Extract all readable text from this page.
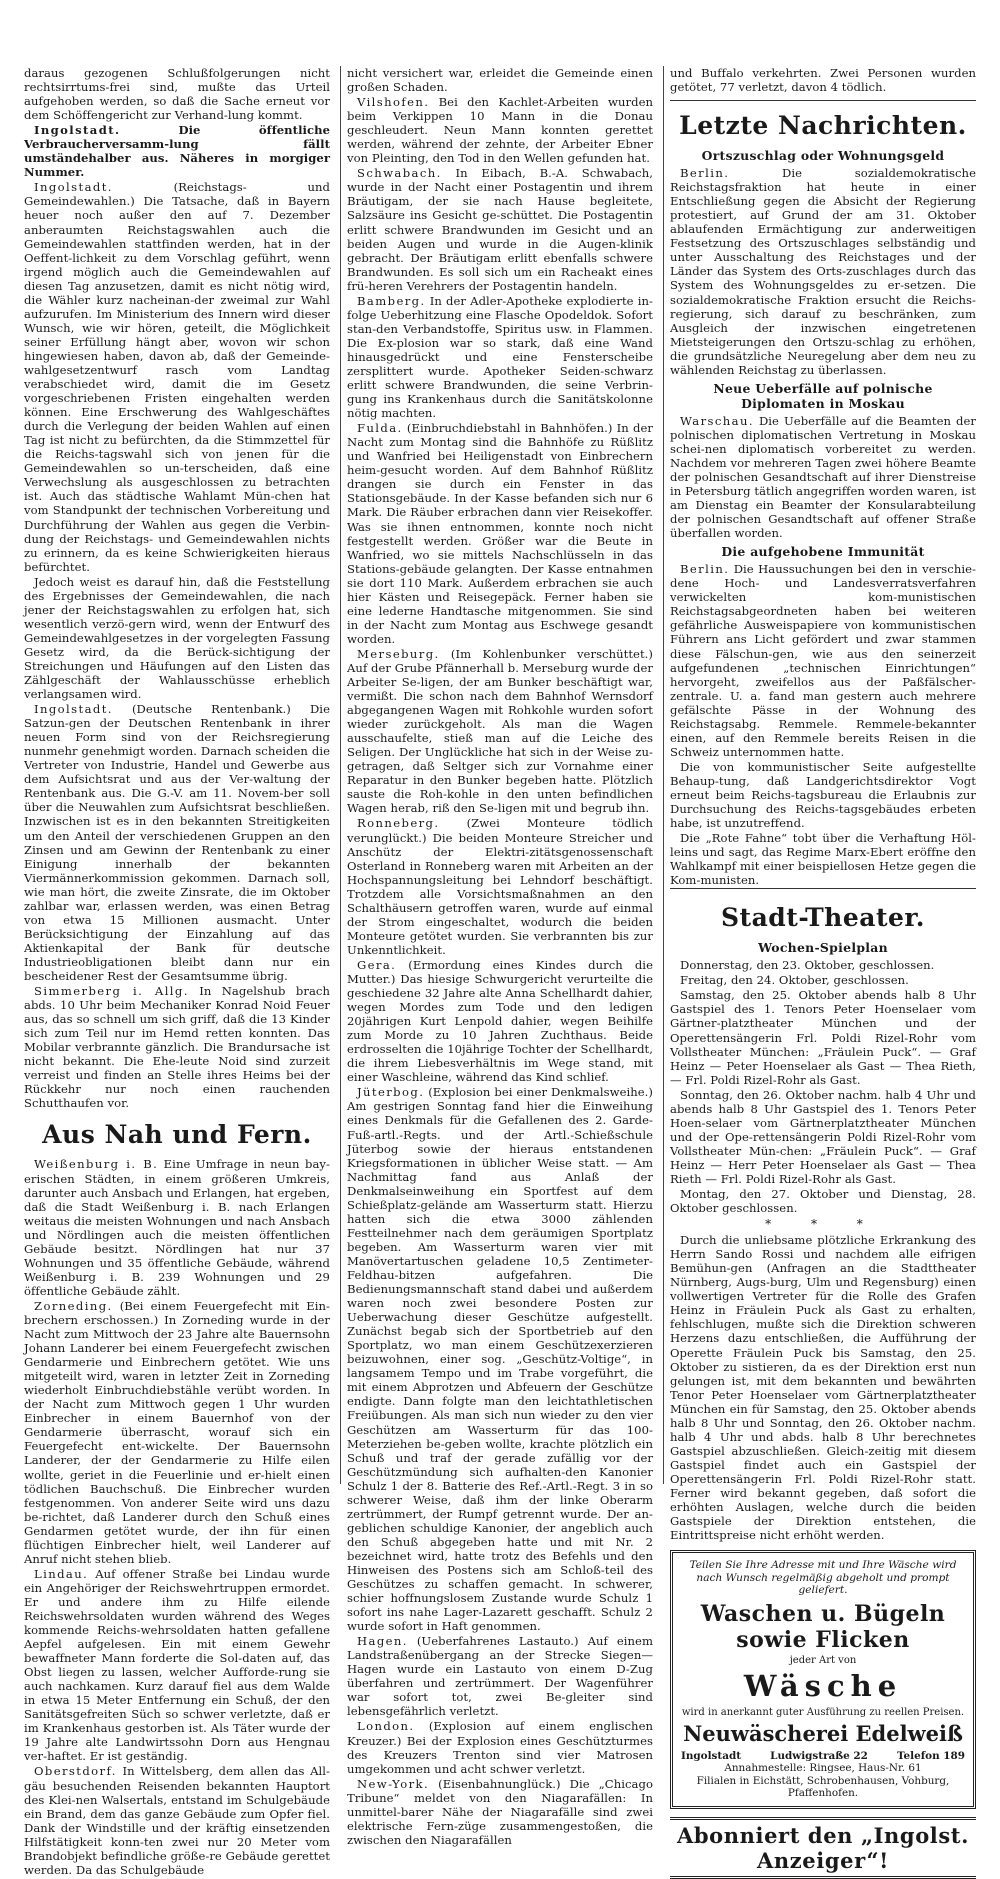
daraus gezogenen Schlußfolgerungen nicht rechtsirrtums-frei sind, mußte das Urteil aufgehoben werden, so daß die Sache erneut vor dem Schöffengericht zur Verhand-lung kommt.

Ingolstadt.	Die öffentliche Verbraucherversamm-lung fällt umständehalber aus. Näheres in morgiger Nummer.

Ingolstadt.	(Reichstags- und Gemeindewahlen.) Die Tatsache, daß in Bayern heuer noch außer den auf 7. Dezember anberaumten Reichstagswahlen auch die Gemeindewahlen stattfinden werden, hat in der Oeffent-lichkeit zu dem Vorschlag geführt, wenn irgend möglich auch die Gemeindewahlen auf diesen Tag anzusetzen, damit es nicht nötig wird, die Wähler kurz nacheinan-der zweimal zur Wahl aufzurufen. Im Ministerium des Innern wird dieser Wunsch, wie wir hören, geteilt, die Möglichkeit seiner Erfüllung hängt aber, wovon wir schon hingewiesen haben, davon ab, daß der Gemeinde-wahlgesetzentwurf rasch vom Landtag verabschiedet wird, damit die im Gesetz vorgeschriebenen Fristen eingehalten werden können. Eine Erschwerung des Wahlgeschäftes durch die Verlegung der beiden Wahlen auf einen Tag ist nicht zu befürchten, da die Stimmzettel für die Reichs-tagswahl sich von jenen für die Gemeindewahlen so un-terscheiden, daß eine Verwechslung als ausgeschlossen zu betrachten ist. Auch das städtische Wahlamt Mün-chen hat vom Standpunkt der technischen Vorbereitung und Durchführung der Wahlen aus gegen die Verbin-dung der Reichstags- und Gemeindewahlen nichts zu erinnern, da es keine Schwierigkeiten hieraus befürchtet.

Jedoch weist es darauf hin, daß die Feststellung des Ergebnisses der Gemeindewahlen, die nach jener der Reichstagswahlen zu erfolgen hat, sich wesentlich verzö-gern wird, wenn der Entwurf des Gemeindewahlgesetzes in der vorgelegten Fassung Gesetz wird, da die Berück-sichtigung der Streichungen und Häufungen auf den Listen das Zählgeschäft der Wahlausschüsse erheblich verlangsamen wird.

Ingolstadt. (Deutsche Rentenbank.) Die Satzun-gen der Deutschen Rentenbank in ihrer neuen Form sind von der Reichsregierung nunmehr genehmigt worden. Darnach scheiden die Vertreter von Industrie, Handel und Gewerbe aus dem Aufsichtsrat und aus der Ver-waltung der Rentenbank aus. Die G.-V. am 11. Novem-ber soll über die Neuwahlen zum Aufsichtsrat beschließen. Inzwischen ist es in den bekannten Streitigkeiten um den Anteil der verschiedenen Gruppen an den Zinsen und am Gewinn der Rentenbank zu einer Einigung innerhalb der bekannten Viermännerkommission gekommen. Darnach soll, wie man hört, die zweite Zinsrate, die im Oktober zahlbar war, erlassen werden, was einen Betrag von etwa 15 Millionen ausmacht. Unter Berücksichtigung der Einzahlung auf das Aktienkapital der Bank für deutsche Industrieobligationen bleibt dann nur ein bescheidener Rest der Gesamtsumme übrig.

Simmerberg i. Allg. In Nagelshub brach abds. 10 Uhr beim Mechaniker Konrad Noid Feuer aus, das so schnell um sich griff, daß die 13 Kinder sich zum Teil nur im Hemd retten konnten. Das Mobilar verbrannte gänzlich. Die Brandursache ist nicht bekannt. Die Ehe-leute Noid sind zurzeit verreist und finden an Stelle ihres Heims bei der Rückkehr nur noch einen rauchenden Schutthaufen vor.

Aus Nah und Fern.

Weißenburg i. B. Eine Umfrage in neun bay-erischen Städten, in einem größeren Umkreis, darunter auch Ansbach und Erlangen, hat ergeben, daß die Stadt Weißenburg i. B. nach Erlangen weitaus die meisten Wohnungen und nach Ansbach und Nördlingen auch die meisten öffentlichen Gebäude besitzt. Nördlingen hat nur 37 Wohnungen und 35 öffentliche Gebäude, während Weißenburg i. B. 239 Wohnungen und 29 öffentliche Gebäude zählt.

Zorneding. (Bei einem Feuergefecht mit Ein-brechern erschossen.) In Zorneding wurde in der Nacht zum Mittwoch der 23 Jahre alte Bauernsohn Johann Landerer bei einem Feuergefecht zwischen Gendarmerie und Einbrechern getötet. Wie uns mitgeteilt wird, waren in letzter Zeit in Zorneding wiederholt Einbruchdiebstähle verübt worden. In der Nacht zum Mittwoch gegen 1 Uhr wurden Einbrecher in einem Bauernhof von der Gendarmerie überrascht, worauf sich ein Feuergefecht ent-wickelte. Der Bauernsohn Landerer, der der Gendarmerie zu Hilfe eilen wollte, geriet in die Feuerlinie und er-hielt einen tödlichen Bauchschuß. Die Einbrecher wurden festgenommen. Von anderer Seite wird uns dazu be-richtet, daß Landerer durch den Schuß eines Gendarmen getötet wurde, der ihn für einen flüchtigen Einbrecher hielt, weil Landerer auf Anruf nicht stehen blieb.

Lindau. Auf offener Straße bei Lindau wurde ein Angehöriger der Reichswehrtruppen ermordet. Er und andere ihm zu Hilfe eilende Reichswehrsoldaten wurden während des Weges kommende Reichs-wehrsoldaten hatten gefallene Aepfel aufgelesen. Ein mit einem Gewehr bewaffneter Mann forderte die Sol-daten auf, das Obst liegen zu lassen, welcher Aufforde-rung sie auch nachkamen. Kurz darauf fiel aus dem Walde in etwa 15 Meter Entfernung ein Schuß, der den Sanitätsgefreiten Süch so schwer verletzte, daß er im Krankenhaus gestorben ist. Als Täter wurde der 19 Jahre alte Landwirtssohn Dorn aus Hengnau ver-haftet. Er ist geständig.

Oberstdorf. In Wittelsberg, dem allen das All-gäu besuchenden Reisenden bekannten Hauptort des Klei-nen Walsertals, entstand im Schulgebäude ein Brand, dem das ganze Gebäude zum Opfer fiel. Dank der Windstille und der kräftig einsetzenden Hilfstätigkeit konn-ten zwei nur 20 Meter vom Brandobjekt befindliche größe-re Gebäude gerettet werden. Da das Schulgebäude

nicht versichert war, erleidet die Gemeinde einen großen Schaden.

Vilshofen. Bei den Kachlet-Arbeiten wurden beim Verkippen 10 Mann in die Donau geschleudert. Neun Mann konnten gerettet werden, während der zehnte, der Arbeiter Ebner von Pleinting, den Tod in den Wellen gefunden hat.

Schwabach. In Eibach, B.-A. Schwabach, wurde in der Nacht einer Postagentin und ihrem Bräutigam, der sie nach Hause begleitete, Salzsäure ins Gesicht ge-schüttet. Die Postagentin erlitt schwere Brandwunden im Gesicht und an beiden Augen und wurde in die Augen-klinik gebracht. Der Bräutigam erlitt ebenfalls schwere Brandwunden. Es soll sich um ein Racheakt eines frü-heren Verehrers der Postagentin handeln.

Bamberg. In der Adler-Apotheke explodierte in-folge Ueberhitzung eine Flasche Opodeldok. Sofort stan-den Verbandstoffe, Spiritus usw. in Flammen. Die Ex-plosion war so stark, daß eine Wand hinausgedrückt und eine Fensterscheibe zersplittert wurde. Apotheker Seiden-schwarz erlitt schwere Brandwunden, die seine Verbrin-gung ins Krankenhaus durch die Sanitätskolonne nötig machten.

Fulda. (Einbruchdiebstahl in Bahnhöfen.) In der Nacht zum Montag sind die Bahnhöfe zu Rüßlitz und Wanfried bei Heiligenstadt von Einbrechern heim-gesucht worden. Auf dem Bahnhof Rüßlitz drangen sie durch ein Fenster in das Stationsgebäude. In der Kasse befanden sich nur 6 Mark. Die Räuber erbrachen dann vier Reisekoffer. Was sie ihnen entnommen, konnte noch nicht festgestellt werden. Größer war die Beute in Wanfried, wo sie mittels Nachschlüsseln in das Stations-gebäude gelangten. Der Kasse entnahmen sie dort 110 Mark. Außerdem erbrachen sie auch hier Kästen und Reisegepäck. Ferner haben sie eine lederne Handtasche mitgenommen. Sie sind in der Nacht zum Montag aus Eschwege gesandt worden.

Merseburg. (Im Kohlenbunker verschüttet.) Auf der Grube Pfännerhall b. Merseburg wurde der Arbeiter Se-ligen, der am Bunker beschäftigt war, vermißt. Die schon nach dem Bahnhof Wernsdorf abgegangenen Wagen mit Rohkohle wurden sofort wieder zurückgeholt. Als man die Wagen ausschaufelte, stieß man auf die Leiche des Seligen. Der Unglückliche hat sich in der Weise zu-getragen, daß Seltger sich zur Vornahme einer Reparatur in den Bunker begeben hatte. Plötzlich sauste die Roh-kohle in den unten befindlichen Wagen herab, riß den Se-ligen mit und begrub ihn.

Ronneberg. (Zwei Monteure tödlich verunglückt.) Die beiden Monteure Streicher und Anschütz der Elektri-zitätsgenossenschaft Osterland in Ronneberg waren mit Arbeiten an der Hochspannungsleitung bei Lehndorf beschäftigt. Trotzdem alle Vorsichtsmaßnahmen an den Schalthäusern getroffen waren, wurde auf einmal der Strom eingeschaltet, wodurch die beiden Monteure getötet wurden. Sie verbrannten bis zur Unkenntlichkeit.

Gera. (Ermordung eines Kindes durch die Mutter.) Das hiesige Schwurgericht verurteilte die geschiedene 32 Jahre alte Anna Schellhardt dahier, wegen Mordes zum Tode und den ledigen 20jährigen Kurt Lenpold dahier, wegen Beihilfe zum Morde zu 10 Jahren Zuchthaus. Beide erdrosselten die 10jährige Tochter der Schellhardt, die ihrem Liebesverhältnis im Wege stand, mit einer Waschleine, während das Kind schlief.

Jüterbog. (Explosion bei einer Denkmalsweihe.) Am gestrigen Sonntag fand hier die Einweihung eines Denkmals für die Gefallenen des 2. Garde-Fuß-artl.-Regts. und der Artl.-Schießschule Jüterbog sowie der hieraus entstandenen Kriegsformationen in üblicher Weise statt. — Am Nachmittag fand aus Anlaß der Denkmalseinweihung ein Sportfest auf dem Schießplatz-gelände am Wasserturm statt. Hierzu hatten sich die etwa 3000 zählenden Festteilnehmer nach dem geräumigen Sportplatz begeben. Am Wasserturm waren vier mit Manövertartuschen geladene 10,5 Zentimeter-Feldhau-bitzen aufgefahren. Die Bedienungsmannschaft stand dabei und außerdem waren noch zwei besondere Posten zur Ueberwachung dieser Geschütze aufgestellt. Zunächst begab sich der Sportbetrieb auf den Sportplatz, wo man einem Geschützexerzieren beizuwohnen, einer sog. „Geschütz-Voltige“, in langsamem Tempo und im Trabe vorgeführt, die mit einem Abprotzen und Abfeuern der Geschütze endigte. Dann folgte man den leichtathletischen Freiübungen. Als man sich nun wieder zu den vier Geschützen am Wasserturm für das 100-Meterziehen be-geben wollte, krachte plötzlich ein Schuß und traf der gerade zufällig vor der Geschützmündung sich aufhalten-den Kanonier Schulz 1 der 8. Batterie des Ref.-Artl.-Regt. 3 in so schwerer Weise, daß ihm der linke Oberarm zertrümmert, der Rumpf getrennt wurde. Der an-geblichen schuldige Kanonier, der angeblich auch den Schuß abgegeben hatte und mit Nr. 2 bezeichnet wird, hatte trotz des Befehls und den Hinweisen des Postens sich am Schloß-teil des Geschützes zu schaffen gemacht. In schwerer, schier hoffnungslosem Zustande wurde Schulz 1 sofort ins nahe Lager-Lazarett geschafft. Schulz 2 wurde sofort in Haft genommen.

Hagen. (Ueberfahrenes Lastauto.) Auf einem Landstraßenübergang an der Strecke Siegen—Hagen wurde ein Lastauto von einem D-Zug überfahren und zertrümmert. Der Wagenführer war sofort tot, zwei Be-gleiter sind lebensgefährlich verletzt.

London. (Explosion auf einem englischen Kreuzer.) Bei der Explosion eines Geschützturmes des Kreuzers Trenton sind vier Matrosen umgekommen und acht schwer verletzt.

New-York. (Eisenbahnunglück.) Die „Chicago Tribune“ meldet von den Niagarafällen: In unmittel-barer Nähe der Niagarafälle sind zwei elektrische Fern-züge zusammengestoßen, die zwischen den Niagarafällen

und Buffalo verkehrten. Zwei Personen wurden getötet, 77 verletzt, davon 4 tödlich.

Letzte Nachrichten.
Ortszuschlag oder Wohnungsgeld

Berlin.	Die sozialdemokratische Reichstagsfraktion hat heute in einer Entschließung gegen die Absicht der Regierung protestiert, auf Grund der am 31. Oktober ablaufenden Ermächtigung zur anderweitigen Festsetzung des Ortszuschlages selbständig und unter Ausschaltung des Reichstages und der Länder das System des Orts-zuschlages durch das System des Wohnungsgeldes zu er-setzen. Die sozialdemokratische Fraktion ersucht die Reichs-regierung, sich darauf zu beschränken, zum Ausgleich der inzwischen eingetretenen Mietsteigerungen den Ortszu-schlag zu erhöhen, die grundsätzliche Neuregelung aber dem neu zu wählenden Reichstag zu überlassen.

Neue Ueberfälle auf polnische Diplomaten in Moskau

Warschau. Die Ueberfälle auf die Beamten der polnischen diplomatischen Vertretung in Moskau schei-nen diplomatisch vorbereitet zu werden. Nachdem vor mehreren Tagen zwei höhere Beamte der polnischen Gesandtschaft auf ihrer Dienstreise in Petersburg tätlich angegriffen worden waren, ist am Dienstag ein Beamter der Konsularabteilung der polnischen Gesandtschaft auf offener Straße überfallen worden.

Die aufgehobene Immunität

Berlin. Die Haussuchungen bei den in verschie-dene Hoch- und Landesverratsverfahren verwickelten kom-munistischen Reichstagsabgeordneten haben bei weiteren gefährliche Ausweispapiere von kommunistischen Führern ans Licht gefördert und zwar stammen diese Fälschun-gen, wie aus den seinerzeit aufgefundenen „technischen Einrichtungen“ hervorgeht, zweifellos aus der Paßfälscher-zentrale. U. a. fand man gestern auch mehrere gefälschte Pässe in der Wohnung des Reichstagsabg. Remmele. Remmele-bekannter einen, auf den Remmele bereits Reisen in die Schweiz unternommen hatte.

Die von kommunistischer Seite aufgestellte Behaup-tung, daß Landgerichtsdirektor Vogt erneut beim Reichs-tagsbureau die Erlaubnis zur Durchsuchung des Reichs-tagsgebäudes erbeten habe, ist unzutreffend.

Die „Rote Fahne“ tobt über die Verhaftung Höl-leins und sagt, das Regime Marx-Ebert eröffne den Wahlkampf mit einer beispiellosen Hetze gegen die Kom-munisten.

Stadt-Theater.
Wochen-Spielplan

Donnerstag, den 23. Oktober, geschlossen.

Freitag, den 24. Oktober, geschlossen.

Samstag, den 25. Oktober abends halb 8 Uhr Gastspiel des 1. Tenors Peter Hoenselaer vom Gärtner-platztheater München und der Operettensängerin Frl. Poldi Rizel-Rohr vom Vollstheater München: „Fräulein Puck“. — Graf Heinz — Peter Hoenselaer als Gast — Thea Rieth, — Frl. Poldi Rizel-Rohr als Gast.

Sonntag, den 26. Oktober nachm. halb 4 Uhr und abends halb 8 Uhr Gastspiel des 1. Tenors Peter Hoen-selaer vom Gärtnerplatztheater München und der Ope-rettensängerin Poldi Rizel-Rohr vom Vollstheater Mün-chen: „Fräulein Puck“. — Graf Heinz — Herr Peter Hoenselaer als Gast — Thea Rieth — Frl. Poldi Rizel-Rohr als Gast.

Montag, den 27. Oktober und Dienstag, 28. Oktober geschlossen.

* * *

Durch die unliebsame plötzliche Erkrankung des Herrn Sando Rossi und nachdem alle eifrigen Bemühun-gen (Anfragen an die Stadttheater Nürnberg, Augs-burg, Ulm und Regensburg) einen vollwertigen Vertreter für die Rolle des Grafen Heinz in Fräulein Puck als Gast zu erhalten, fehlschlugen, mußte sich die Direktion schweren Herzens dazu entschließen, die Aufführung der Operette Fräulein Puck bis Samstag, den 25. Oktober zu sistieren, da es der Direktion erst nun gelungen ist, mit dem bekannten und bewährten Tenor Peter Hoenselaer vom Gärtnerplatztheater München ein für Samstag, den 25. Oktober abends halb 8 Uhr und Sonntag, den 26. Oktober nachm. halb 4 Uhr und abds. halb 8 Uhr berechnetes Gastspiel abzuschließen. Gleich-zeitig mit diesem Gastspiel findet auch ein Gastspiel der Operettensängerin Frl. Poldi Rizel-Rohr statt. Ferner wird bekannt gegeben, daß sofort die erhöhten Auslagen, welche durch die beiden Gastspiele der Direktion entstehen, die Eintrittspreise nicht erhöht werden.

Teilen Sie Ihre Adresse mit und Ihre Wäsche wird nach Wunsch regelmäßig abgeholt und prompt geliefert.
Waschen u. Bügeln sowie Flicken
jeder Art von
Wäsche
wird in anerkannt guter Ausführung zu reellen Preisen.
Neuwäscherei Edelweiß
Ingolstadt	Ludwigstraße 22	Telefon 189
Annahmestelle: Ringsee, Haus-Nr. 61
Filialen in Eichstätt, Schrobenhausen, Vohburg, Pfaffenhofen.
Abonniert den „Ingolst. Anzeiger“!
